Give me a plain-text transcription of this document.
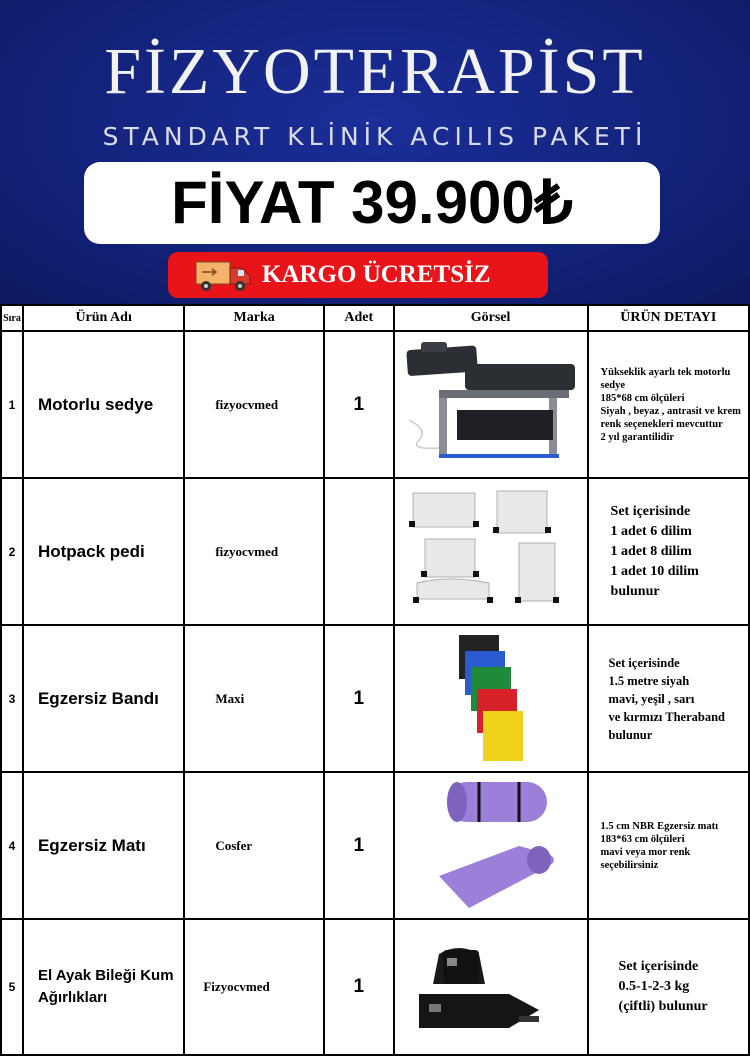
FİZYOTERAPİST
STANDART KLİNİK ACILIS PAKETİ
FİYAT 39.900₺
KARGO ÜCRETSİZ
Sıra	Ürün Adı	Marka	Adet	Görsel	ÜRÜN DETAYI
1	Motorlu sedye	fizyocvmed	1		Yükseklik ayarlı tek motorlu sedye
185*68 cm ölçüleri
Siyah , beyaz , antrasit ve krem renk seçenekleri mevcuttur
2 yıl garantilidir

2	Hotpack pedi	fizyocvmed			Set içerisinde
1 adet 6 dilim
1 adet 8 dilim
1 adet 10 dilim
bulunur

3	Egzersiz Bandı	Maxi	1		Set içerisinde
1.5 metre siyah
mavi, yeşil , sarı
ve kırmızı Theraband
bulunur

4	Egzersiz Matı	Cosfer	1		1.5 cm NBR Egzersiz matı
183*63 cm ölçüleri
mavi veya mor renk
seçebilirsiniz

5	El Ayak Bileği Kum Ağırlıkları	Fizyocvmed	1		Set içerisinde
0.5-1-2-3 kg
(çiftli) bulunur
